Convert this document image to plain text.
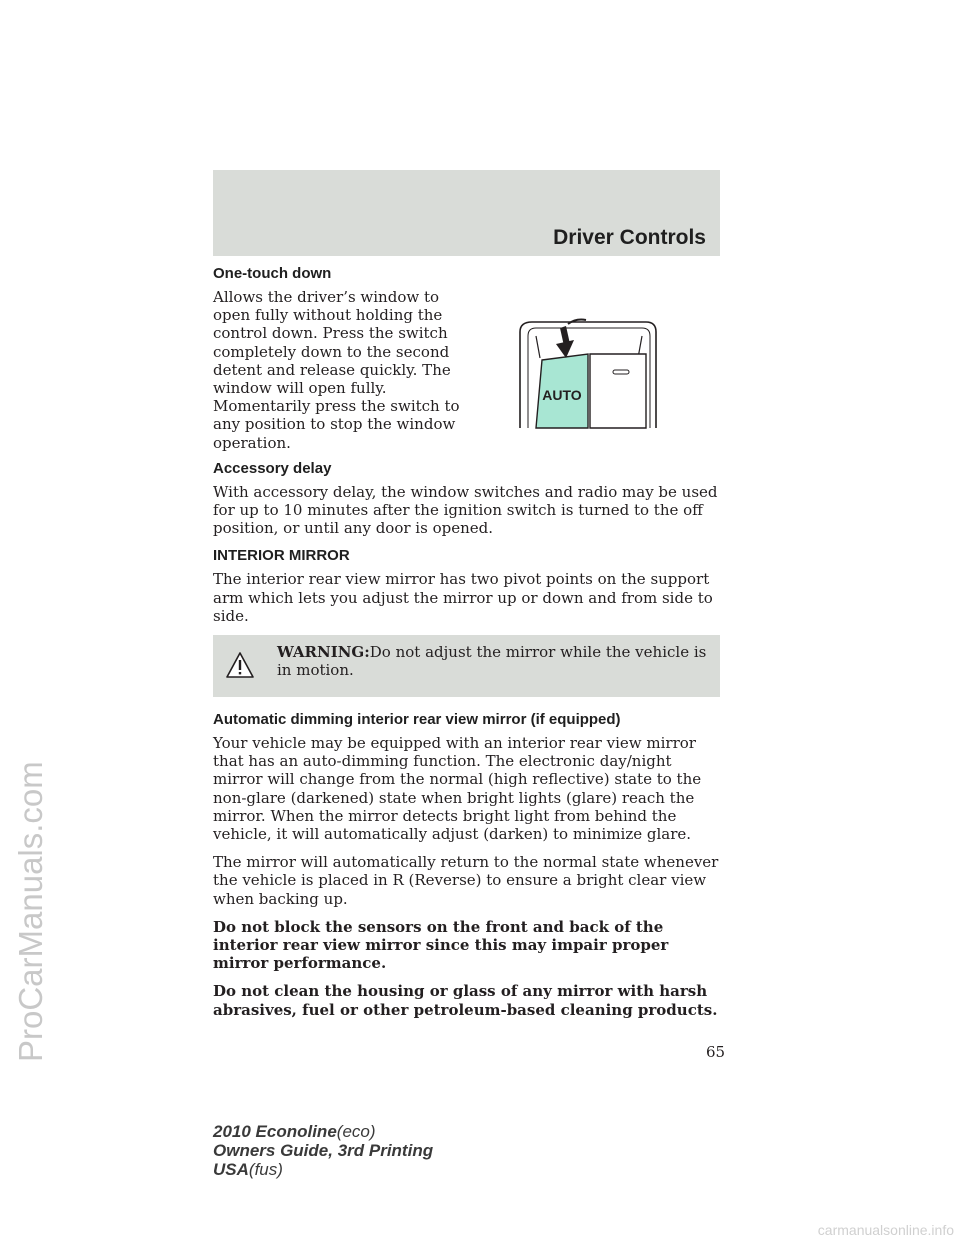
Driver Controls
One-touch down

Allows the driver’s window to open fully without holding the control down. Press the switch completely down to the second detent and release quickly. The window will open fully. Momentarily press the switch to any position to stop the window operation.

AUTO
Accessory delay

With accessory delay, the window switches and radio may be used for up to 10 minutes after the ignition switch is turned to the off position, or until any door is opened.

INTERIOR MIRROR

The interior rear view mirror has two pivot points on the support arm which lets you adjust the mirror up or down and from side to side.

WARNING:Do not adjust the mirror while the vehicle is in motion.
Automatic dimming interior rear view mirror (if equipped)

Your vehicle may be equipped with an interior rear view mirror that has an auto-dimming function. The electronic day/night mirror will change from the normal (high reflective) state to the non-glare (darkened) state when bright lights (glare) reach the mirror. When the mirror detects bright light from behind the vehicle, it will automatically adjust (darken) to minimize glare.

The mirror will automatically return to the normal state whenever the vehicle is placed in R (Reverse) to ensure a bright clear view when backing up.

Do not block the sensors on the front and back of the interior rear view mirror since this may impair proper mirror performance.

Do not clean the housing or glass of any mirror with harsh abrasives, fuel or other petroleum-based cleaning products.

65
2010 Econoline(eco)
Owners Guide, 3rd Printing
USA(fus)
ProCarManuals.com
carmanualsonline.info
